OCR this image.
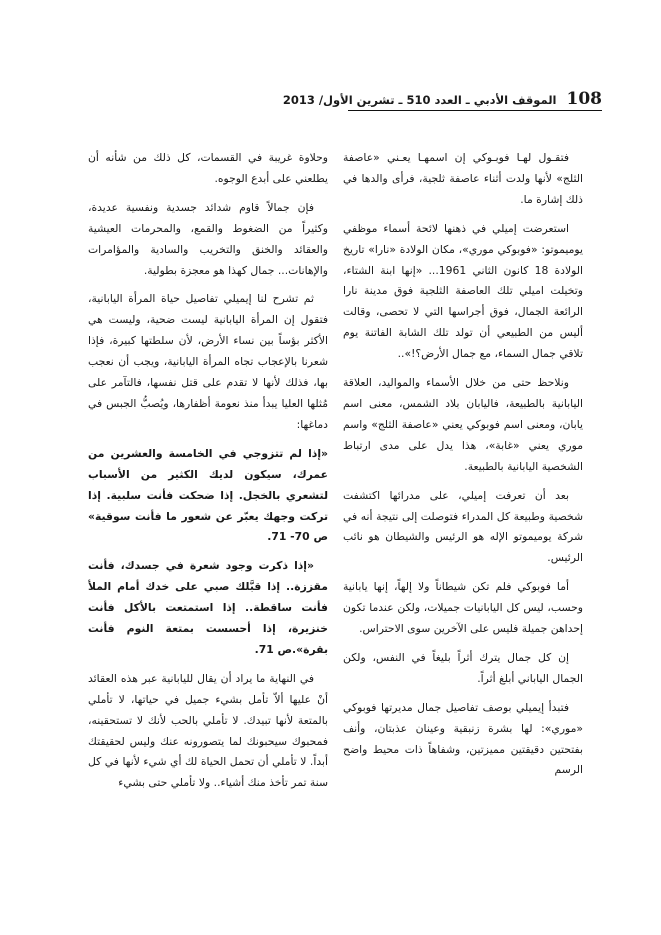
108
الموقف الأدبي ـ العدد 510 ـ تشرين الأول/ 2013

فتقـول لهـا فوبـوكي إن اسمهـا يعـني «عاصفة الثلج» لأنها ولدت أثناء عاصفة ثلجية، فرأى والدها في ذلك إشارة ما.

استعرضت إميلي في ذهنها لائحة أسماء موظفي يوميموتو: «فوبوكي موري»، مكان الولادة «نارا» تاريخ الولادة 18 كانون الثاني 1961... «إنها ابنة الشتاء، وتخيلت اميلي تلك العاصفة الثلجية فوق مدينة نارا الرائعة الجمال، فوق أجراسها التي لا تحصى، وقالت أليس من الطبيعي أن تولد تلك الشابة الفاتنة يوم تلاقي جمال السماء، مع جمال الأرض؟!»..

ونلاحظ حتى من خلال الأسماء والمواليد، العلاقة اليابانية بالطبيعة، فاليابان بلاد الشمس، معنى اسم يابان، ومعنى اسم فوبوكي يعني «عاصفة الثلج» واسم موري يعني «غابة»، هذا يدل على مدى ارتباط الشخصية اليابانية بالطبيعة.

بعد أن تعرفت إميلي، على مدرائها اكتشفت شخصية وطبيعة كل المدراء فتوصلت إلى نتيجة أنه في شركة يوميموتو الإله هو الرئيس والشيطان هو نائب الرئيس.

أما فوبوكي فلم تكن شيطاناً ولا إلهاً، إنها يابانية وحسب، ليس كل اليابانيات جميلات، ولكن عندما تكون إحداهن جميلة فليس على الآخرين سوى الاحتراس.

إن كل جمال يترك أثراً بليغاً في النفس، ولكن الجمال الياباني أبلغ أثراً.

فتبدأ إيميلي بوصف تفاصيل جمال مديرتها فوبوكي «موري»: لها بشرة زنبقية وعينان عذبتان، وأنف بفتحتين دقيقتين مميزتين، وشفاهاً ذات محيط واضح الرسم

وحلاوة غريبة في القسمات، كل ذلك من شأنه أن يطلعني على أبدع الوجوه.

فإن جمالاً قاوم شدائد جسدية ونفسية عديدة، وكثيراً من الضغوط والقمع، والمحرمات العيشية والعقائد والخنق والتخريب والسادية والمؤامرات والإهانات... جمال كهذا هو معجزة بطولية.

ثم تشرح لنا إيميلي تفاصيل حياة المرأة اليابانية، فتقول إن المرأة اليابانية ليست ضحية، وليست هي الأكثر بؤساً بين نساء الأرض، لأن سلطتها كبيرة، فإذا شعرنا بالإعجاب تجاه المرأة اليابانية، ويجب أن نعجب بها، فذلك لأنها لا تقدم على قتل نفسها، فالتآمر على مُثلها العليا يبدأ منذ نعومة أظفارها، ويُصبُّ الجبس في دماغها:

«إذا لم تتزوجي في الخامسة والعشرين من عمرك، سيكون لديك الكثير من الأسباب لتشعري بالخجل. إذا ضحكت فأنت سلبية. إذا تركت وجهك يعبّر عن شعور ما فأنت سوقية» ص 70- 71.

«إذا ذكرت وجود شعرة في جسدك، فأنت مقززة.. إذا قبَّلك صبي على خدك أمام الملأ فأنت ساقطة.. إذا استمتعت بالأكل فأنت خنزيرة، إذا أحسست بمتعة النوم فأنت بقرة».ص 71.

في النهاية ما يراد أن يقال لليابانية عبر هذه العقائد أنْ عليها ألاّ تأمل بشيء جميل في حياتها، لا تأملي بالمتعة لأنها تبيدك. لا تأملي بالحب لأنك لا تستحقينه، فمحبوك سيحبونك لما يتصورونه عنك وليس لحقيقتك أبداً. لا تأملي أن تحمل الحياة لك أي شيء لأنها في كل سنة تمر تأخذ منك أشياء.. ولا تأملي حتى بشيء
